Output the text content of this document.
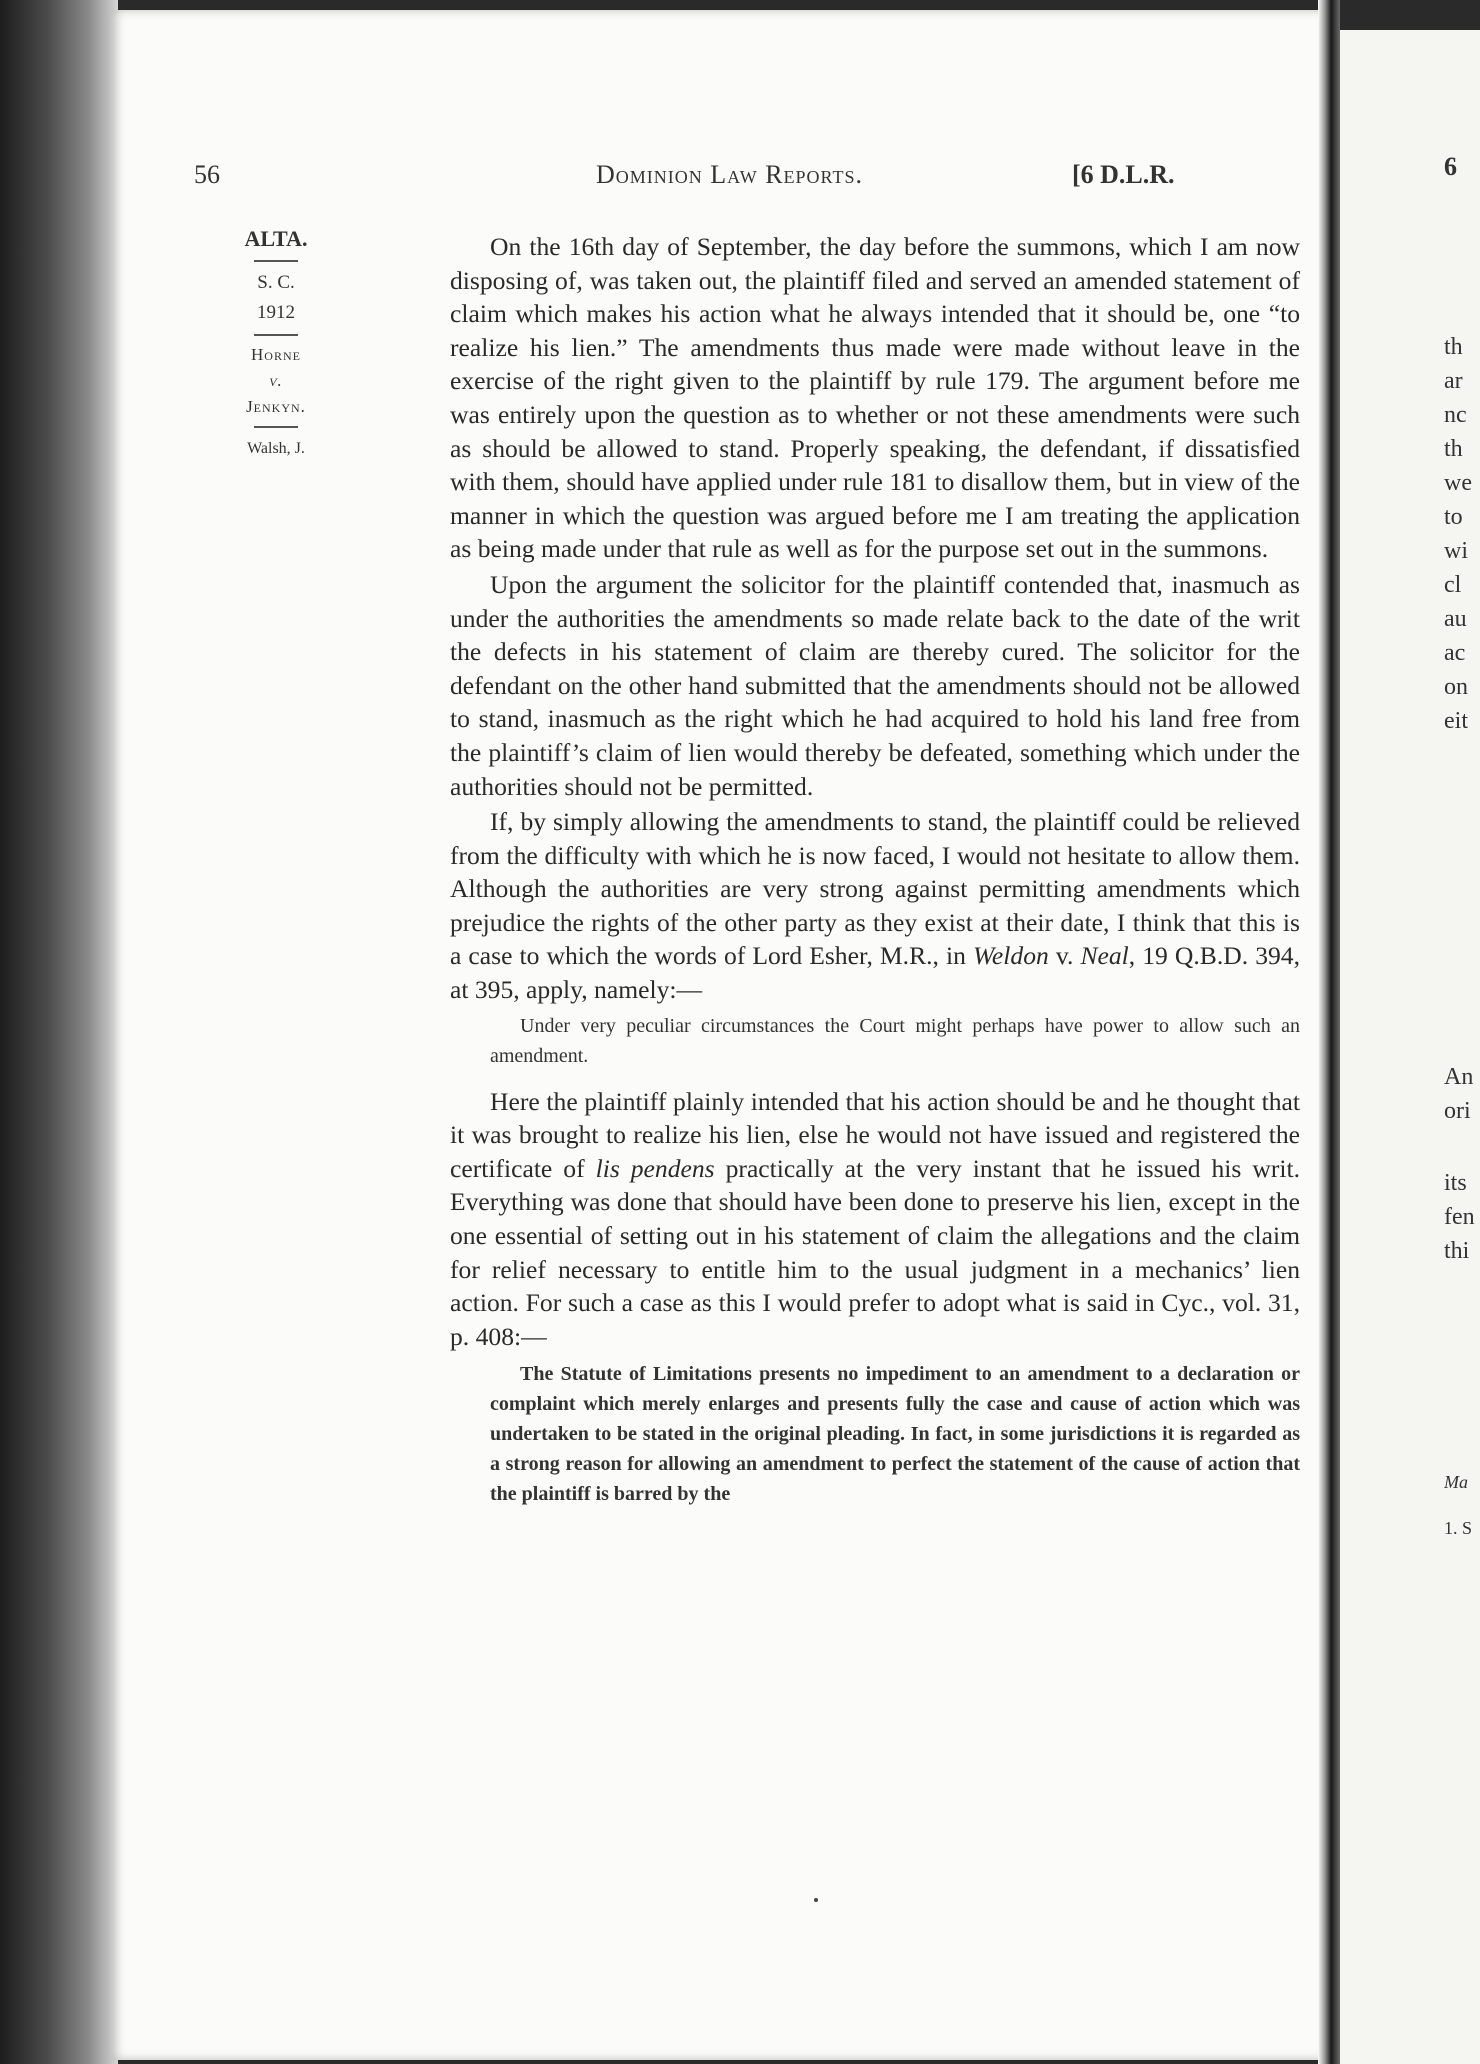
56	Dominion Law Reports.	[6 D.L.R.
ALTA.
S. C.
1912
Horne
v.
Jenkyn.
Walsh, J.

On the 16th day of September, the day before the summons, which I am now disposing of, was taken out, the plaintiff filed and served an amended statement of claim which makes his action what he always intended that it should be, one “to realize his lien.” The amendments thus made were made without leave in the exercise of the right given to the plaintiff by rule 179. The argument before me was entirely upon the question as to whether or not these amendments were such as should be allowed to stand. Properly speaking, the defendant, if dissatisfied with them, should have applied under rule 181 to disallow them, but in view of the manner in which the question was argued before me I am treating the application as being made under that rule as well as for the purpose set out in the summons.

Upon the argument the solicitor for the plaintiff contended that, inasmuch as under the authorities the amendments so made relate back to the date of the writ the defects in his statement of claim are thereby cured. The solicitor for the defendant on the other hand submitted that the amendments should not be allowed to stand, inasmuch as the right which he had acquired to hold his land free from the plaintiff’s claim of lien would thereby be defeated, something which under the authorities should not be permitted.

If, by simply allowing the amendments to stand, the plaintiff could be relieved from the difficulty with which he is now faced, I would not hesitate to allow them. Although the authorities are very strong against permitting amendments which prejudice the rights of the other party as they exist at their date, I think that this is a case to which the words of Lord Esher, M.R., in Weldon v. Neal, 19 Q.B.D. 394, at 395, apply, namely:—

Under very peculiar circumstances the Court might perhaps have power to allow such an amendment.

Here the plaintiff plainly intended that his action should be and he thought that it was brought to realize his lien, else he would not have issued and registered the certificate of lis pendens practically at the very instant that he issued his writ. Everything was done that should have been done to preserve his lien, except in the one essential of setting out in his statement of claim the allegations and the claim for relief necessary to entitle him to the usual judgment in a mechanics’ lien action. For such a case as this I would prefer to adopt what is said in Cyc., vol. 31, p. 408:—

The Statute of Limitations presents no impediment to an amendment to a declaration or complaint which merely enlarges and presents fully the case and cause of action which was undertaken to be stated in the original pleading. In fact, in some jurisdictions it is regarded as a strong reason for allowing an amendment to perfect the statement of the cause of action that the plaintiff is barred by the
6
th
ar
nc
th
we
to
wi
cl
au
ac
on
eit
An
ori
its
fen
thi
Ma
1. S
